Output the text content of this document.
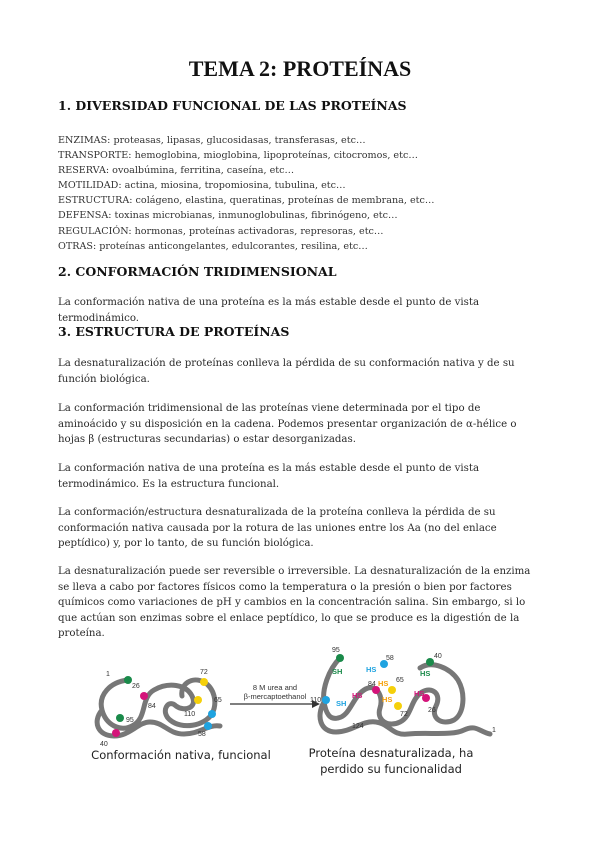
TEMA 2: PROTEÍNAS
1. DIVERSIDAD FUNCIONAL DE LAS PROTEÍNAS
ENZIMAS: proteasas, lipasas, glucosidasas, transferasas, etc…
TRANSPORTE: hemoglobina, mioglobina, lipoproteínas, citocromos, etc…
RESERVA: ovoalbúmina, ferritina, caseína, etc…
MOTILIDAD: actina, miosina, tropomiosina, tubulina, etc…
ESTRUCTURA: colágeno, elastina, queratinas, proteínas de membrana, etc…
DEFENSA: toxinas microbianas, inmunoglobulinas, fibrinógeno, etc…
REGULACIÓN: hormonas, proteínas activadoras, represoras, etc…
OTRAS: proteínas anticongelantes, edulcorantes, resilina, etc…
2. CONFORMACIÓN TRIDIMENSIONAL
La conformación nativa de una proteína es la más estable desde el punto de vista termodinámico.
3. ESTRUCTURA DE PROTEÍNAS
La desnaturalización de proteínas conlleva la pérdida de su conformación nativa y de su función biológica.
La conformación tridimensional de las proteínas viene determinada por el tipo de aminoácido y su disposición en la cadena. Podemos presentar organización de α-hélice o hojas β (estructuras secundarias) o estar desorganizadas.
La conformación nativa de una proteína es la más estable desde el punto de vista termodinámico. Es la estructura funcional.
La conformación/estructura desnaturalizada de la proteína conlleva la pérdida de su conformación nativa causada por la rotura de las uniones entre los Aa (no del enlace peptídico) y, por lo tanto, de su función biológica.
La desnaturalización puede ser reversible o irreversible. La desnaturalización de la enzima se lleva a cabo por factores físicos como la temperatura o la presión o bien por factores químicos como variaciones de pH y cambios en la concentración salina. Sin embargo, si lo que actúan son enzimas sobre el enlace peptídico, lo que se produce es la digestión de la proteína.
8 M urea and
β-mercaptoethanol
1
26
84
72
65
110
58
95
40
95
58	40
65
84
72
110
26
124
1
SH	HS	HS
HS
HS	HS
HS
SH
Conformación nativa, funcional	Proteína desnaturalizada, ha
perdido su funcionalidad
